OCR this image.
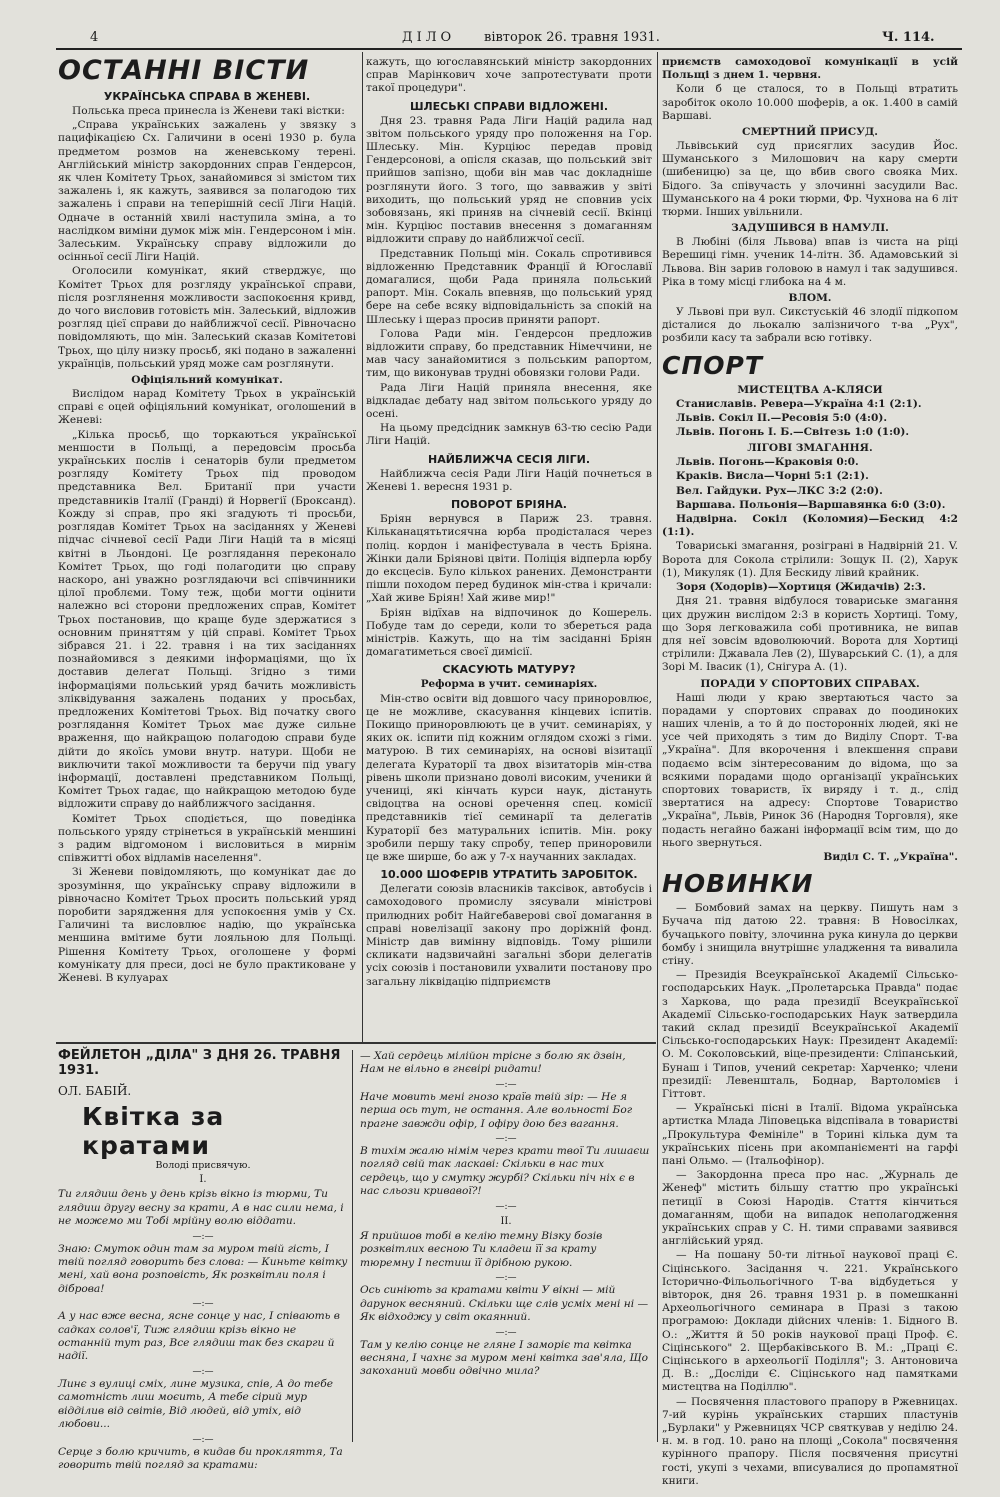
4	ДІЛО вівторок 26. травня 1931.	Ч. 114.
ОСТАННІ ВІСТИ
УКРАЇНСЬКА СПРАВА В ЖЕНЕВІ.

Польська преса принесла із Женеви такі вістки:

„Справа українських зажалень у звязку з пацифікацією Сх. Галичини в осені 1930 р. була предметом розмов на женевському терені. Англійський міністр закордонних справ Гендерсон, як член Комітету Трьох, занайомився зі змістом тих зажалень і, як кажуть, заявився за полагодою тих зажалень і справи на теперішній сесії Ліги Націй. Одначе в останній хвилі наступила зміна, а то наслідком виміни думок між мін. Гендерсоном і мін. Залеським. Українську справу відложили до осінньої сесії Ліги Націй.

Оголосили комунікат, який стверджує, що Комітет Трьох для розгляду української справи, після розглянення можливости заспокоєння кривд, до чого висловив готовість мін. Залеський, відложив розгляд цієї справи до найближчої сесії. Рівночасно повідомляють, що мін. Залеський сказав Комітетові Трьох, що цілу низку просьб, які подано в зажаленні українців, польський уряд може сам розглянути.

Офіціяльний комунікат.

Вислідом нарад Комітету Трьох в українській справі є оцей офіціяльний комунікат, оголошений в Женеві:

„Кілька просьб, що торкаються української меншости в Польщі, а передовсім просьба українських послів і сенаторів були предметом розгляду Комітету Трьох під проводом представника Вел. Британії при участи представників Італії (Гранді) й Норвегії (Броксанд). Кожду зі справ, про які згадують ті просьби, розглядав Комітет Трьох на засіданнях у Женеві підчас січневої сесії Ради Ліги Націй та в місяці квітні в Льондоні. Це розглядання переконало Комітет Трьох, що годі полагодити цю справу наскоро, ані уважно розглядаючи всі співчинники цілої проблєми. Тому теж, щоби могти оцінити належно всі сторони предложених справ, Комітет Трьох постановив, що краще буде здержатися з основним приняттям у цій справі. Комітет Трьох зібрався 21. і 22. травня і на тих засіданнях познайомився з деякими інформаціями, що їх доставив делегат Польщі. Згідно з тими інформаціями польський уряд бачить можливість зліквідування зажалень поданих у просьбах, предложених Комітетові Трьох. Від початку свого розглядання Комітет Трьох має дуже сильне враження, що найкращою полагодою справи буде дійти до якоїсь умови внутр. натури. Щоби не виключити такої можливости та беручи під увагу інформації, доставлені представником Польщі, Комітет Трьох гадає, що найкращою методою буде відложити справу до найближчого засідання.

Комітет Трьох сподіється, що поведінка польського уряду стрінеться в українській меншині з радим відгомоном і висловиться в мирнім співжитті обох відламів населення".

Зі Женеви повідомляють, що комунікат дає до зрозуміння, що українську справу відложили в рівночасно Комітет Трьох просить польський уряд поробити зарядження для успокоєння умів у Сх. Галичині та висловлює надію, що українська меншина вмітиме бути лояльною для Польщі. Рішення Комітету Трьох, оголошене у формі комунікату для преси, досі не було практиковане у Женеві. В кулуарах

кажуть, що югославянський міністр закордонних справ Марінкович хоче запротестувати проти такої процедури".

ШЛЕСЬКІ СПРАВИ ВІДЛОЖЕНІ.

Дня 23. травня Рада Ліги Націй радила над звітом польського уряду про положення на Гор. Шлеську. Мін. Курціюс передав провід Гендерсонові, а опісля сказав, що польський звіт прийшов запізно, щоби він мав час докладніше розглянути його. З того, що завважив у звіті виходить, що польський уряд не сповнив усіх зобовязань, які приняв на січневій сесії. Вкінці мін. Курціюс поставив внесення з домаганням відложити справу до найближчої сесії.

Представник Польщі мін. Сокаль спротивився відложенню Представник Франції й Югославії домагалися, щоби Рада приняла польський рапорт. Мін. Сокаль впевняв, що польський уряд бере на себе всяку відповідальність за спокій на Шлеську і щераз просив приняти рапорт.

Голова Ради мін. Гендерсон предложив відложити справу, бо представник Німеччини, не мав часу занайомитися з польським рапортом, тим, що виконував трудні обовязки голови Ради.

Рада Ліги Націй приняла внесення, яке відкладає дебату над звітом польського уряду до осені.

На цьому предсідник замкнув 63-тю сесію Ради Ліги Націй.

НАЙБЛИЖЧА СЕСІЯ ЛІГИ.

Найближча сесія Ради Ліги Націй почнеться в Женеві 1. вересня 1931 р.

ПОВОРОТ БРІЯНА.

Бріян вернувся в Париж 23. травня. Кільканацятьтисячна юрба продісталася через поліц. кордон і маніфестувала в честь Бріяна. Жінки дали Бріянові цвіти. Поліція відперла юрбу до ексцесів. Було кількох ранених. Демонстранти пішли походом перед будинок мін-ства і кричали: „Хай живе Бріян! Хай живе мир!"

Бріян відїхав на відпочинок до Кошерель. Побуде там до середи, коли то збереться рада міністрів. Кажуть, що на тім засіданні Бріян домагатиметься своєї димісії.

СКАСУЮТЬ МАТУРУ?
Реформа в учит. семинаріях.

Мін-ство освіти від довшого часу приноровлює, це не можливе, скасування кінцевих іспитів. Покищо приноровлюють це в учит. семинаріях, у яких ок. іспити під кожним оглядом схожі з гіми. матурою. В тих семинаріях, на основі візитації делегата Кураторії та двох візитаторів мін-ства рівень школи признано доволі високим, ученики й учениці, які кінчать курси наук, дістануть свідоцтва на основі оречення спец. комісії представників тієї семинарії та делегатів Кураторії без матуральних іспитів. Мін. року зробили першу таку спробу, тепер приноровили це вже ширше, бо аж у 7-х научанних закладах.

10.000 ШОФЕРІВ УТРАТИТЬ ЗАРОБІТОК.

Делегати союзів власників таксівок, автобусів і самоходового промислу зясували міністрові прилюдних робіт Найгебаверові свої домагання в справі новелізації закону про доріжній фонд. Міністр дав вимінну відповідь. Тому рішили скликати надзвичайні загальні збори делегатів усіх союзів і постановили ухвалити постанову про загальну ліквідацію підприємств

приємств самоходової комунікації в усій Польщі з днем 1. червня.

Коли б це сталося, то в Польщі втратить заробіток около 10.000 шоферів, а ок. 1.400 в самій Варшаві.

СМЕРТНИЙ ПРИСУД.

Львівський суд присяглих засудив Йос. Шуманського з Милошович на кару смерти (шибеницю) за це, що вбив свого свояка Мих. Бідого. За співучасть у злочинні засудили Вас. Шуманського на 4 роки тюрми, Фр. Чухнова на 6 літ тюрми. Інших увільнили.

ЗАДУШИВСЯ В НАМУЛІ.

В Любіні (біля Львова) впав із чиста на ріці Верешиці гімн. ученик 14-літн. 3б. Адамовський зі Львова. Він зарив головою в намул і так задушився. Ріка в тому місці глибока на 4 м.

ВЛОМ.

У Львові при вул. Сикстуській 46 злодії підкопом дісталися до льокалю залізничого т-ва „Рух", розбили касу та забрали всю готівку.

СПОРТ
МИСТЕЦТВА А-КЛЯСИ

Станиславів. Ревера—Україна 4:1 (2:1).

Львів. Сокіл II.—Ресовія 5:0 (4:0).

Львів. Погонь І. Б.—Світезь 1:0 (1:0).

ЛІГОВІ ЗМАГАННЯ.

Львів. Погонь—Краковія 0:0.

Краків. Висла—Чорні 5:1 (2:1).

Вел. Гайдуки. Рух—ЛКС 3:2 (2:0).

Варшава. Польонія—Варшавянка 6:0 (3:0).

Надвірна. Сокіл (Коломия)—Бескид 4:2 (1:1).

Товариські змагання, розіграні в Надвірній 21. V. Ворота для Сокола стрілили: Зощук II. (2), Харук (1), Микуляк (1). Для Бескиду лівий крайник.

Зоря (Ходорів)—Хортиця (Жидачів) 2:3.

Дня 21. травня відбулося товариське змагання цих дружин вислідом 2:3 в користь Хортиці. Тому, що Зоря легковажила собі противника, не випав для неї зовсім вдоволюючий. Ворота для Хортиці стрілили: Джавала Лев (2), Шуварський С. (1), а для Зорі М. Івасик (1), Снігура А. (1).

ПОРАДИ У СПОРТОВИХ СПРАВАХ.

Наші люди у краю звертаються часто за порадами у спортових справах до поодиноких наших членів, а то й до посторонніх людей, які не усе чей приходять з тим до Виділу Спорт. Т-ва „Україна". Для вкорочення і влекшення справи подаємо всім зінтересованим до відома, що за всякими порадами щодо організації українських спортових товариств, їх виряду і т. д., слід звертатися на адресу: Спортове Товариство „Україна", Львів, Ринок 36 (Народня Торговля), яке подасть негайно бажані інформації всім тим, що до нього звернуться.

Виділ С. Т. „Україна".

НОВИНКИ

— Бомбовий замах на церкву. Пишуть нам з Бучача під датою 22. травня: В Новосілках, бучацького повіту, злочинна рука кинула до церкви бомбу і знищила внутрішнє уладження та вивалила стіну.

— Президія Всеукраїнської Академії Сільсько-господарських Наук. „Пролетарська Правда" подає з Харкова, що рада президії Всеукраїнської Академії Сільсько-господарських Наук затвердила такий склад президії Всеукраїнської Академії Сільсько-господарських Наук: Президент Академії: О. М. Соколовський, віце-президенти: Сліпанський, Бунаш і Типов, учений секретар: Харченко; члени президії: Левеншталь, Боднар, Вартоломієв і Гіттовт.

— Українські пісні в Італії. Відома українська артистка Млада Ліповецька відспівала в товаристві „Прокультура Фемініле" в Торині кілька дум та українських пісень при акомпанієменті на гарфі пані Ольмо. — (Італьофінор).

— Закордонна преса про нас. „Журналь де Женеф" містить більшу статтю про українські петиції в Союзі Народів. Стаття кінчиться домаганням, щоби на випадок неполагодження українських справ у С. Н. тими справами заявився англійський уряд.

— На пошану 50-ти літньої наукової праці Є. Сіцінського. Засідання ч. 221. Українського Історично-Фільольогічного Т-ва відбудеться у вівторок, дня 26. травня 1931 р. в помешканні Археольогічного семинара в Празі з такою програмою: Доклади дійсних членів: 1. Бідного В. О.: „Життя й 50 років наукової праці Проф. Є. Сіцінського" 2. Щербаківського В. М.: „Праці Є. Сіцінського в археольогії Поділля"; 3. Антоновича Д. В.: „Досліди Є. Сіцінського над памятками мистецтва на Поділлю".

— Посвячення пластового прапору в Ржевницах. 7-ий курінь українських старших пластунів „Бурлаки" у Ржевницях ЧСР святкував у неділю 24. н. м. в год. 10. рано на площі „Сокола" посвячення курінного прапору. Після посвячення присутні гості, укупі з чехами, вписувалися до пропамятної книги.

ФЕЙЛЕТОН „ДІЛА" З ДНЯ 26. ТРАВНЯ 1931.
ОЛ. БАБІЙ.
Квітка за кратами
Володі присвячую.
I.
Ти глядиш день у день крізь вікно із тюрми, Ти глядиш другу весну за крати, А в нас сили нема, і не можемо ми Тобі мрійну волю віддати.
—:—
Знаю: Смуток один там за муром твій гість, І твій погляд говорить без слова: — Киньте квітку мені, хай вона розповість, Як розквітли поля і діброва!
—:—
А у нас вже весна, ясне сонце у нас, І співають в садках солов'ї, Тиж глядиш крізь вікно не останній тут раз, Все глядиш так без скарги й надії.
—:—
Линє з вулиці сміх, лине музика, спів, А до тебе самотність лиш моєить, А тебе сірий мур відділив від світів, Від людей, від утіх, від любови...
—:—
Серце з болю кричить, в кидав би прокляття, Та говорить твій погляд за кратами:
— Хай сердець мілійон трісне з болю як дзвін, Нам не вільно в гнєвірі ридати!
—:—
Наче мовить мені гнозо країв твій зір: — Не я перша ось тут, не остання. Але вольності Бог прагне завжди офір, І офіру дою без вагання.
—:—
В тихім жалю німім через крати твої Ти лишаєш погляд свій так ласкаві: Скільки в нас тих сердець, що у смутку журбі? Скільки піч ніх є в нас сльози кривавої?!
—:—
II.
Я прийшов тобі в келію темну Візку бозів розквітлих весною Ти кладеш її за крату тюремну І пестиш її дрібною рукою.
—:—
Ось синіють за кратами квіти У вікні — мій дарунок весняний. Скільки ще слів усміх мені ні — Як відходжу у світ окаянний.
—:—
Там у келію сонце не гляне І заморіє та квітка весняна, І чахнє за муром мені квітка зав'яла, Що закоханий мовби одвічно мила?
